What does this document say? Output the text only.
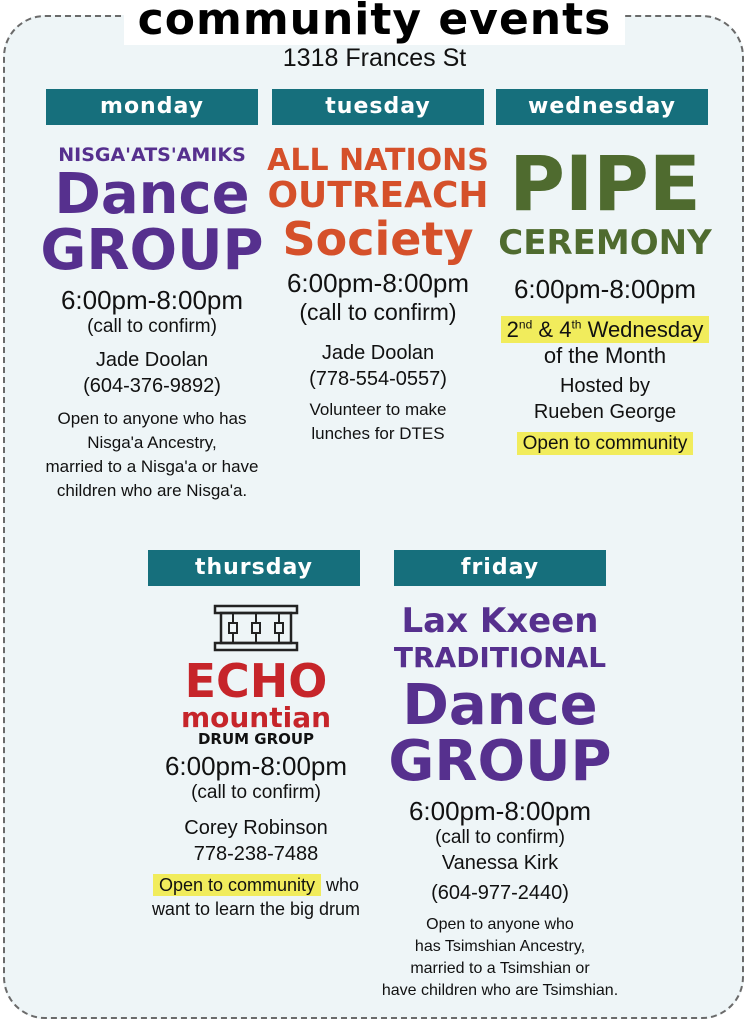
community events
1318 Frances St
monday	tuesday	wednesday
thursday	friday
NISGA'ATS'AMIKS
Dance
GROUP
6:00pm-8:00pm
(call to confirm)
Jade Doolan
(604-376-9892)
Open to anyone who has
Nisga'a Ancestry,
married to a Nisga'a or have
children who are Nisga'a.
ALL NATIONS
OUTREACH
Society
6:00pm-8:00pm
(call to confirm)
Jade Doolan
(778-554-0557)
Volunteer to make
lunches for DTES
PIPE
CEREMONY
6:00pm-8:00pm
2nd & 4th Wednesday
of the Month
Hosted by
Rueben George
Open to community
ECHO
mountian
DRUM GROUP
6:00pm-8:00pm
(call to confirm)
Corey Robinson
778-238-7488
Open to community who
want to learn the big drum
Lax Kxeen
TRADITIONAL
Dance
GROUP
6:00pm-8:00pm
(call to confirm)
Vanessa Kirk
(604-977-2440)
Open to anyone who
has Tsimshian Ancestry,
married to a Tsimshian or
have children who are Tsimshian.
